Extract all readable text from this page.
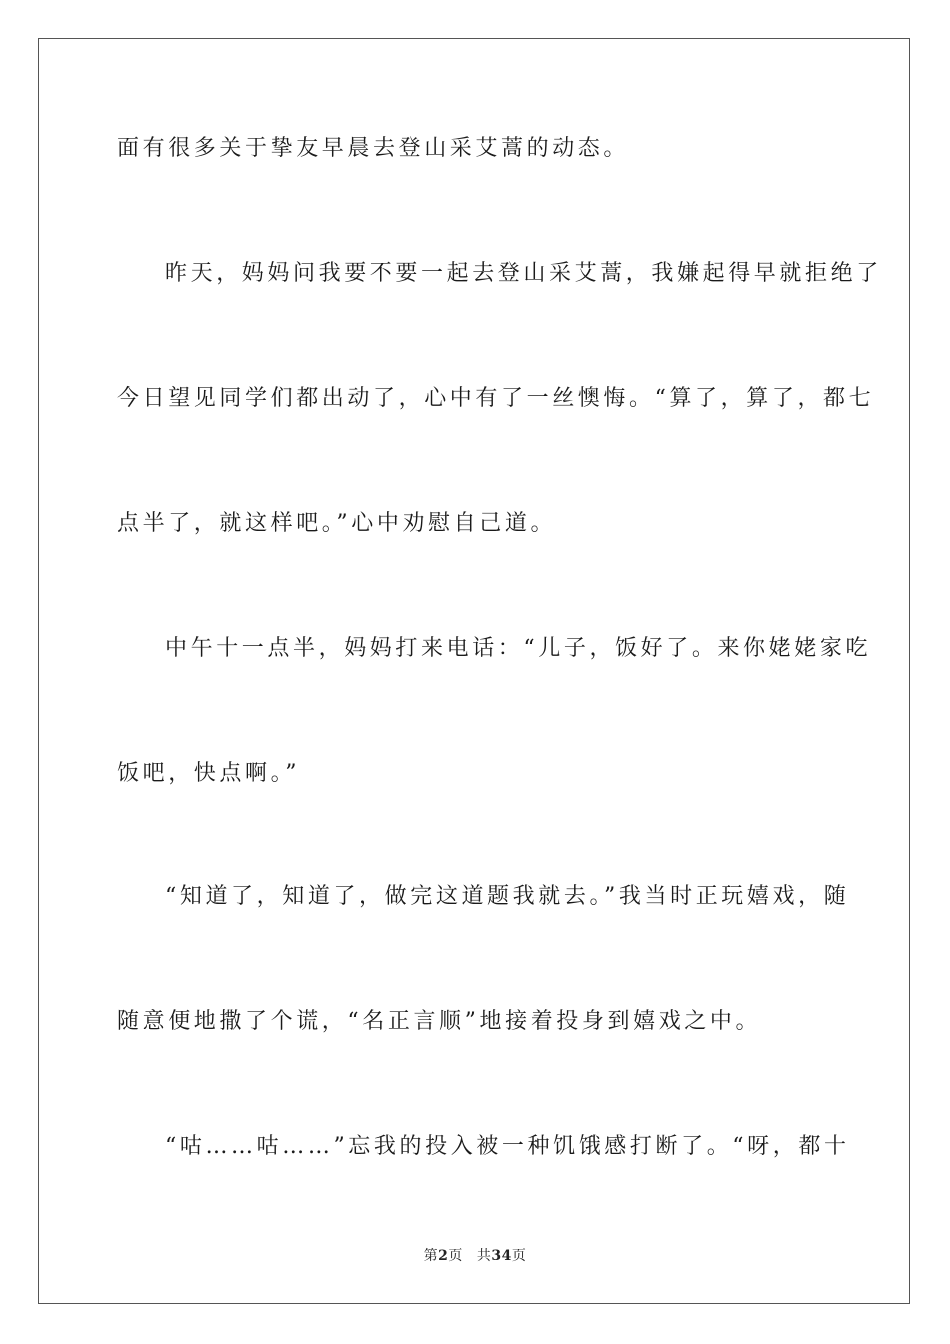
面有很多关于挚友早晨去登山采艾蒿的动态。
昨天，妈妈问我要不要一起去登山采艾蒿，我嫌起得早就拒绝了
今日望见同学们都出动了，心中有了一丝懊悔。“算了，算了，都七
点半了，就这样吧。”心中劝慰自己道。
中午十一点半，妈妈打来电话：“儿子，饭好了。来你姥姥家吃
饭吧，快点啊。”
“知道了，知道了，做完这道题我就去。”我当时正玩嬉戏，随
随意便地撒了个谎，“名正言顺”地接着投身到嬉戏之中。
“咕……咕……”忘我的投入被一种饥饿感打断了。“呀，都十
第2页 共34页
